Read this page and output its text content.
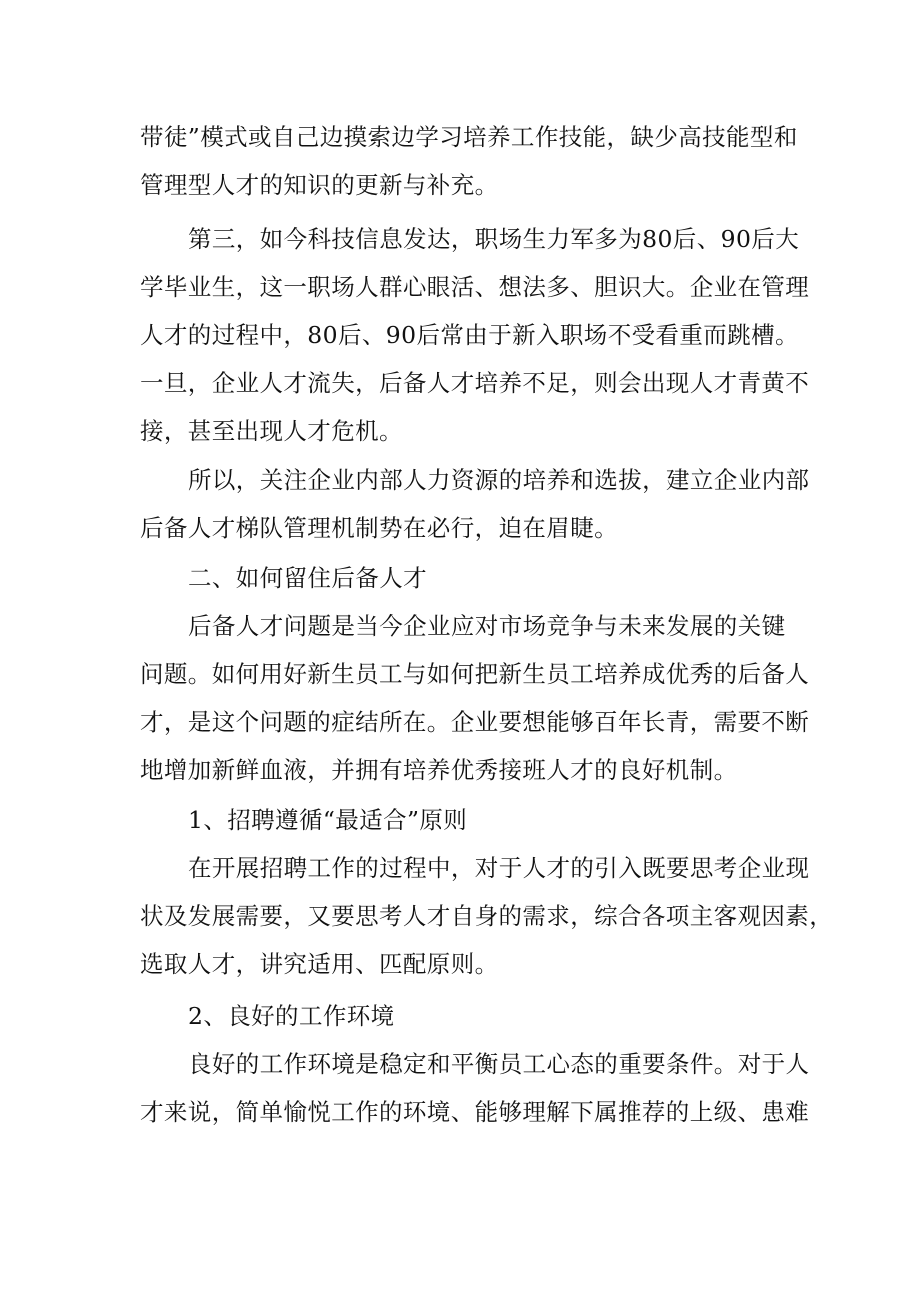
带徒”模式或自己边摸索边学习培养工作技能，缺少高技能型和
管理型人才的知识的更新与补充。
第三，如今科技信息发达，职场生力军多为80后、90后大
学毕业生，这一职场人群心眼活、想法多、胆识大。企业在管理
人才的过程中，80后、90后常由于新入职场不受看重而跳槽。
一旦，企业人才流失，后备人才培养不足，则会出现人才青黄不
接，甚至出现人才危机。
所以，关注企业内部人力资源的培养和选拔，建立企业内部
后备人才梯队管理机制势在必行，迫在眉睫。
二、如何留住后备人才
后备人才问题是当今企业应对市场竞争与未来发展的关键
问题。如何用好新生员工与如何把新生员工培养成优秀的后备人
才，是这个问题的症结所在。企业要想能够百年长青，需要不断
地增加新鲜血液，并拥有培养优秀接班人才的良好机制。
1、招聘遵循“最适合”原则
在开展招聘工作的过程中，对于人才的引入既要思考企业现
状及发展需要，又要思考人才自身的需求，综合各项主客观因素，
选取人才，讲究适用、匹配原则。
2、良好的工作环境
良好的工作环境是稳定和平衡员工心态的重要条件。对于人
才来说，简单愉悦工作的环境、能够理解下属推荐的上级、患难
